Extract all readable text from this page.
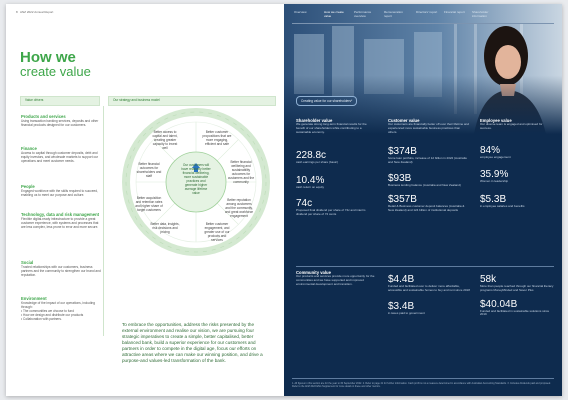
8 ANZ 2022 Annual Report
How we
create value
Value drivers	Our strategy and business model
Products and services

Using transaction banking services, deposits and other financial products designed for our customers.

Finance

Access to capital through customer deposits, debt and equity investors, and wholesale markets to support our operations and meet customer needs.

People

Engaged workforce with the skills required to succeed, enabling us to meet our purpose and culture.

Technology, data and risk management

Flexible digital-ready infrastructure to provide a great customer experience, with systems and processes that are less complex, less prone to error and more secure.

Social

Trusted relationships with our customers, business partners and the community to strengthen our brand and reputation.

Environment

Knowledge of the impact of our operations, including through:

• The communities we choose to fund

• How we design and distribute our products

• Collaboration with partners.

Our customers will have relatively better financial wellbeing, more sustainable practices and generate higher average lifetime value
Better access to capital and talent, creating greater capacity to invest well
Better customer propositions that are more engaging, efficient and safe
Better financial wellbeing and sustainability outcomes for customers and the community
Better reputation among customers and the community, and great workforce engagement
Better customer engagement, and greater use of our products and services
Better data, insights, risk decisions and pricing
Better acquisition and retention rates and higher share of target customers
Better financial outcomes for shareholders and staff
To embrace the opportunities, address the risks presented by the external environment and realise our vision, we are pursuing four strategic imperatives to create a simple, better capitalised, better balanced bank, build a superior experience for our customers and partners in order to compete in the digital age, focus our efforts on attractive areas where we can make our winning position, and drive a purpose-and values-led transformation of the bank.
Overview	How we create value
Performance overview
Remuneration report
Directors' report Financial report	Shareholder information
Creating value for our shareholders*
Shareholder value

We generate strong long-term financial results for the benefit of our shareholders while contributing to a sustainable economy.

228.8c
cash earnings per share (basic)
10.4%
cash return on equity
74c
Proposed final dividend per share of 74c and interim dividend per share of 72 cents
Customer value

Our customers are financially better off over their lifetime and experienced more sustainable business practices than others.

$374B
home loan portfolio, increase of 12 billion in 2022 (Australia and New Zealand)
$93B
Business lending balance (Australia and New Zealand)
$357B
Retail & Business customer deposit balances (Australia & New Zealand) and 124 billion of institutional deposits
Employee value

Our diverse team is engaged and optimised for success.

84%
employee engagement
35.9%
Women in leadership
$5.3B
in employee salaries and benefits
Community value

Our products and services provide more opportunity for the communities and we have supported and improved environmental development and transition.	$4.4B
Funded and facilitated over to deliver more affordable, accessible and sustainable homes to buy and rent since 2018
$3.4B
in taxes paid to government
58k
More than people reached through our financial literacy programs MoneyMinded and Saver Plus
$40.04B
Funded and facilitated in sustainable solutions since 2019
1. All figures in this section are for the year to 30 September 2022. 2. Refer to page 41 for further information. Cash profit is not a measure determined in accordance with Australian Accounting Standards. 3. Includes dividends paid and proposed. Refer to the ANZ 2022 ESG Supplement for more detail on these and other metrics.
